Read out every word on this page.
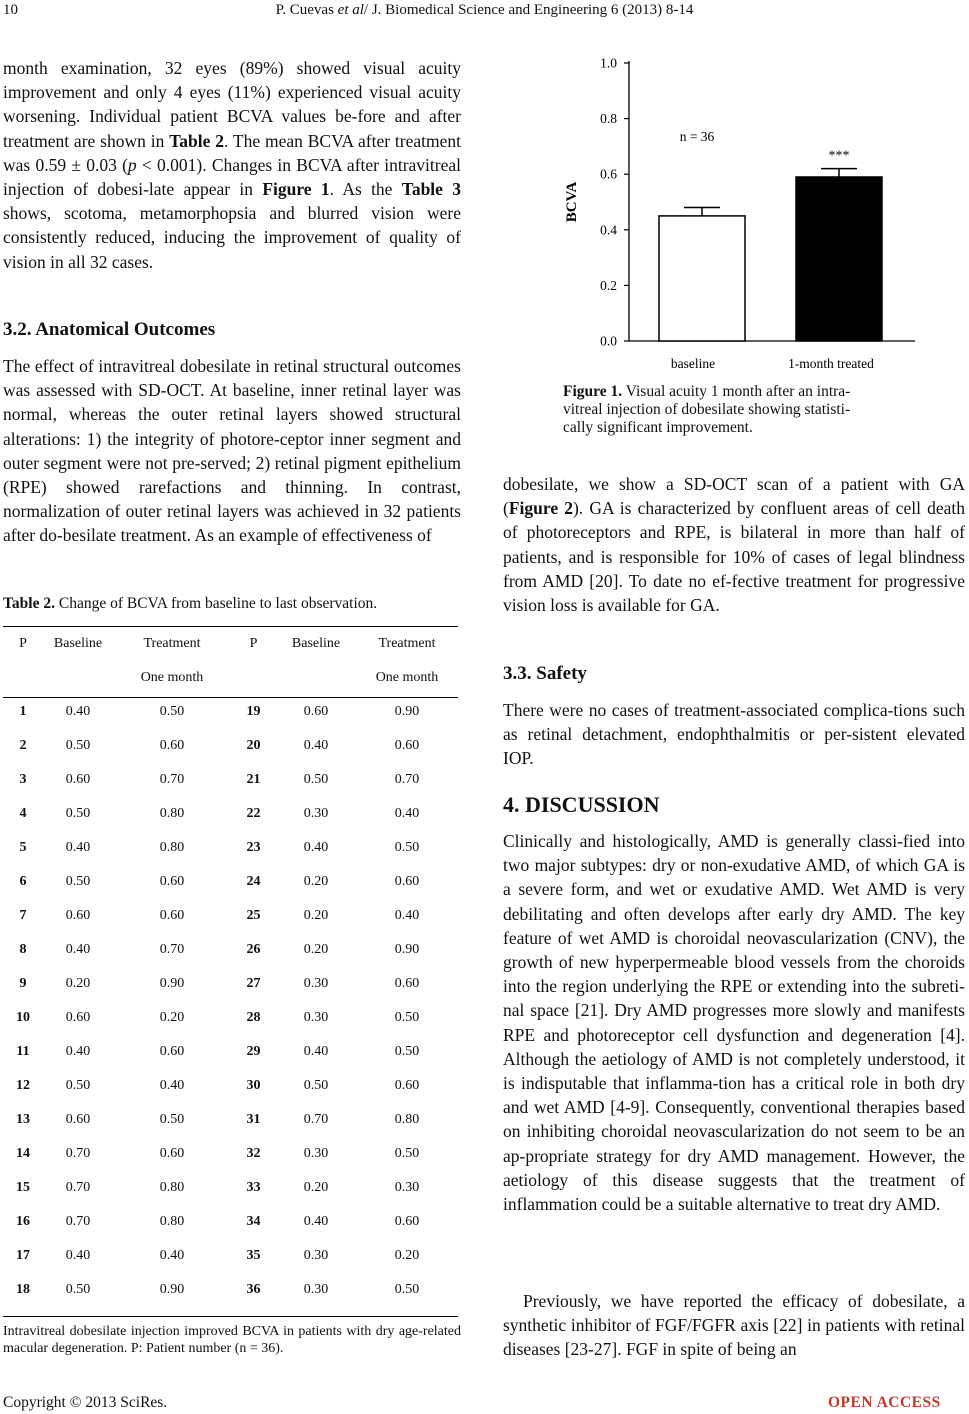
10	P. Cuevas et al/ J. Biomedical Science and Engineering 6 (2013) 8-14

month examination, 32 eyes (89%) showed visual acuity improvement and only 4 eyes (11%) experienced visual acuity worsening. Individual patient BCVA values be-fore and after treatment are shown in Table 2. The mean BCVA after treatment was 0.59 ± 0.03 (p < 0.001). Changes in BCVA after intravitreal injection of dobesi-late appear in Figure 1. As the Table 3 shows, scotoma, metamorphopsia and blurred vision were consistently reduced, inducing the improvement of quality of vision in all 32 cases.

3.2. Anatomical Outcomes

The effect of intravitreal dobesilate in retinal structural outcomes was assessed with SD-OCT. At baseline, inner retinal layer was normal, whereas the outer retinal layers showed structural alterations: 1) the integrity of photore-ceptor inner segment and outer segment were not pre-served; 2) retinal pigment epithelium (RPE) showed rarefactions and thinning. In contrast, normalization of outer retinal layers was achieved in 32 patients after do-besilate treatment. As an example of effectiveness of

Table 2. Change of BCVA from baseline to last observation.
P	Baseline	Treatment	P	Baseline	Treatment
		One month			One month
1	0.40	0.50	19	0.60	0.90
2	0.50	0.60	20	0.40	0.60
3	0.60	0.70	21	0.50	0.70
4	0.50	0.80	22	0.30	0.40
5	0.40	0.80	23	0.40	0.50
6	0.50	0.60	24	0.20	0.60
7	0.60	0.60	25	0.20	0.40
8	0.40	0.70	26	0.20	0.90
9	0.20	0.90	27	0.30	0.60
10	0.60	0.20	28	0.30	0.50
11	0.40	0.60	29	0.40	0.50
12	0.50	0.40	30	0.50	0.60
13	0.60	0.50	31	0.70	0.80
14	0.70	0.60	32	0.30	0.50
15	0.70	0.80	33	0.20	0.30
16	0.70	0.80	34	0.40	0.60
17	0.40	0.40	35	0.30	0.20
18	0.50	0.90	36	0.30	0.50
Intravitreal dobesilate injection improved BCVA in patients with dry age-related macular degeneration. P: Patient number (n = 36).
0.0
0.2
0.4
0.6
0.8
1.0
BCVA
baseline	1-month treated
n = 36
***
Figure 1. Visual acuity 1 month after an intra-
vitreal injection of dobesilate showing statisti-
cally significant improvement.

dobesilate, we show a SD-OCT scan of a patient with GA (Figure 2). GA is characterized by confluent areas of cell death of photoreceptors and RPE, is bilateral in more than half of patients, and is responsible for 10% of cases of legal blindness from AMD [20]. To date no ef-fective treatment for progressive vision loss is available for GA.

3.3. Safety

There were no cases of treatment-associated complica-tions such as retinal detachment, endophthalmitis or per-sistent elevated IOP.

4. DISCUSSION

Clinically and histologically, AMD is generally classi-fied into two major subtypes: dry or non-exudative AMD, of which GA is a severe form, and wet or exudative AMD. Wet AMD is very debilitating and often develops after early dry AMD. The key feature of wet AMD is choroidal neovascularization (CNV), the growth of new hyperpermeable blood vessels from the choroids into the region underlying the RPE or extending into the subreti-nal space [21]. Dry AMD progresses more slowly and manifests RPE and photoreceptor cell dysfunction and degeneration [4]. Although the aetiology of AMD is not completely understood, it is indisputable that inflamma-tion has a critical role in both dry and wet AMD [4-9]. Consequently, conventional therapies based on inhibiting choroidal neovascularization do not seem to be an ap-propriate strategy for dry AMD management. However, the aetiology of this disease suggests that the treatment of inflammation could be a suitable alternative to treat dry AMD.

Previously, we have reported the efficacy of dobesilate, a synthetic inhibitor of FGF/FGFR axis [22] in patients with retinal diseases [23-27]. FGF in spite of being an

Copyright © 2013 SciRes.	OPEN ACCESS
